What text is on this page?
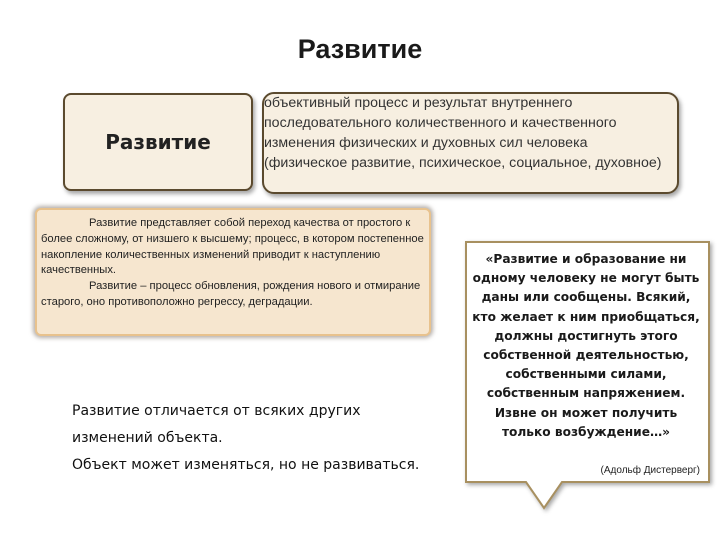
Развитие
Развитие
объективный процесс и результат внутреннего последовательного количественного и качественного изменения физических и духовных сил человека (физическое развитие, психическое, социальное, духовное)

Развитие представляет собой переход качества от простого к более сложному, от низшего к высшему; процесс, в котором постепенное накопление количественных изменений приводит к наступлению качественных.

Развитие – процесс обновления, рождения нового и отмирание старого, оно противоположно регрессу, деградации.

Развитие отличается от всяких других изменений объекта.
Объект может изменяться, но не развиваться.
«Развитие и образование ни одному человеку не могут быть даны или сообщены. Всякий, кто желает к ним приобщаться, должны достигнуть этого собственной деятельностью, собственными силами, собственным напряжением. Извне он может получить только возбуждение…»
(Адольф Дистерверг)
